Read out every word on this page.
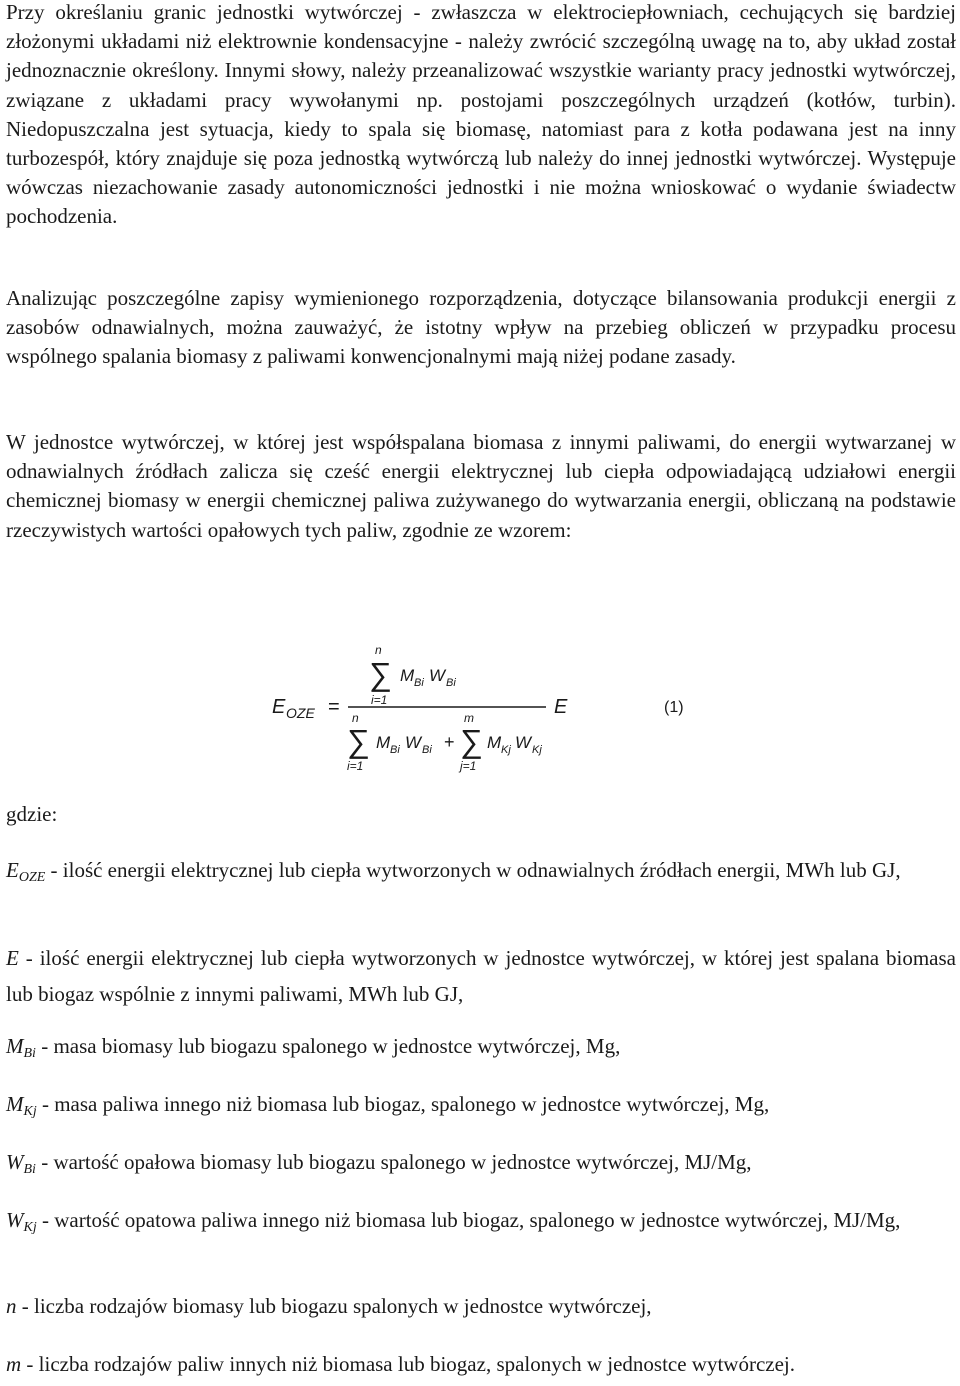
Przy określaniu granic jednostki wytwórczej - zwłaszcza w elektrociepłowniach, cechujących się bardziej złożonymi układami niż elektrownie kondensacyjne - należy zwrócić szczególną uwagę na to, aby układ został jednoznacznie określony. Innymi słowy, należy przeanalizować wszystkie warianty pracy jednostki wytwórczej, związane z układami pracy wywołanymi np. postojami poszczególnych urządzeń (kotłów, turbin). Niedopuszczalna jest sytuacja, kiedy to spala się biomasę, natomiast para z kotła podawana jest na inny turbozespół, który znajduje się poza jednostką wytwórczą lub należy do innej jednostki wytwórczej. Występuje wówczas niezachowanie zasady autonomiczności jednostki i nie można wnioskować o wydanie świadectw pochodzenia.

Analizując poszczególne zapisy wymienionego rozporządzenia, dotyczące bilansowania produkcji energii z zasobów odnawialnych, można zauważyć, że istotny wpływ na przebieg obliczeń w przypadku procesu wspólnego spalania biomasy z paliwami konwencjonalnymi mają niżej podane zasady.

W jednostce wytwórczej, w której jest współspalana biomasa z innymi paliwami, do energii wytwarzanej w odnawialnych źródłach zalicza się cześć energii elektrycznej lub ciepła odpowiadającą udziałowi energii chemicznej biomasy w energii chemicznej paliwa zużywanego do wytwarzania energii, obliczaną na podstawie rzeczywistych wartości opałowych tych paliw, zgodnie ze wzorem:

E OZE =
n
∑
i=1
M Bi W Bi
E
n
∑
i=1
M Bi W Bi +
m
∑
j=1
M Kj W Kj
(1)

gdzie:

$E_{OZE}$ - ilość energii elektrycznej lub ciepła wytworzonych w odnawialnych źródłach energii, MWh lub GJ,

E - ilość energii elektrycznej lub ciepła wytworzonych w jednostce wytwórczej, w której jest spalana biomasa lub biogaz wspólnie z innymi paliwami, MWh lub GJ,

$M_{Bi}$ - masa biomasy lub biogazu spalonego w jednostce wytwórczej, Mg,

$M_{Kj}$ - masa paliwa innego niż biomasa lub biogaz, spalonego w jednostce wytwórczej, Mg,

$W_{Bi}$ - wartość opałowa biomasy lub biogazu spalonego w jednostce wytwórczej, MJ/Mg,

$W_{Kj}$ - wartość opatowa paliwa innego niż biomasa lub biogaz, spalonego w jednostce wytwórczej, MJ/Mg,

n - liczba rodzajów biomasy lub biogazu spalonych w jednostce wytwórczej,

m - liczba rodzajów paliw innych niż biomasa lub biogaz, spalonych w jednostce wytwórczej.
